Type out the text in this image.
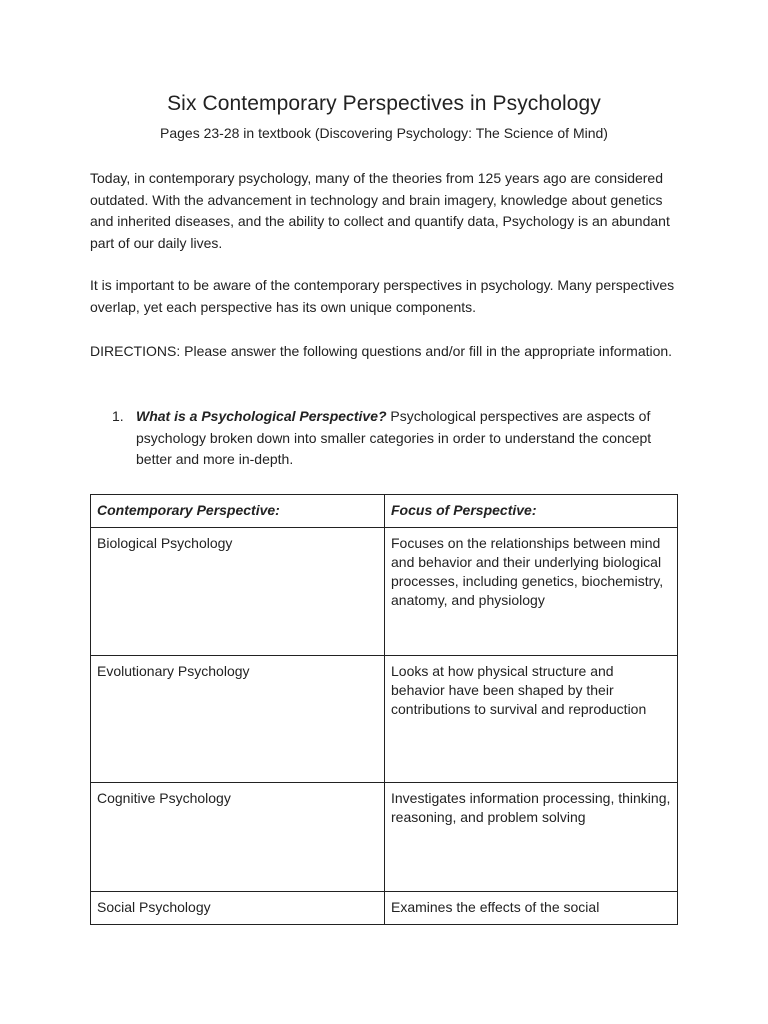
Six Contemporary Perspectives in Psychology
Pages 23-28 in textbook (Discovering Psychology: The Science of Mind)

Today, in contemporary psychology, many of the theories from 125 years ago are considered outdated. With the advancement in technology and brain imagery, knowledge about genetics and inherited diseases, and the ability to collect and quantify data, Psychology is an abundant part of our daily lives.

It is important to be aware of the contemporary perspectives in psychology. Many perspectives overlap, yet each perspective has its own unique components.

DIRECTIONS: Please answer the following questions and/or fill in the appropriate information.

1. What is a Psychological Perspective? Psychological perspectives are aspects of psychology broken down into smaller categories in order to understand the concept better and more in-depth.
Contemporary Perspective:	Focus of Perspective:
Biological Psychology	Focuses on the relationships between mind and behavior and their underlying biological processes, including genetics, biochemistry, anatomy, and physiology
Evolutionary Psychology	Looks at how physical structure and behavior have been shaped by their contributions to survival and reproduction
Cognitive Psychology	Investigates information processing, thinking, reasoning, and problem solving
Social Psychology	Examines the effects of the social
